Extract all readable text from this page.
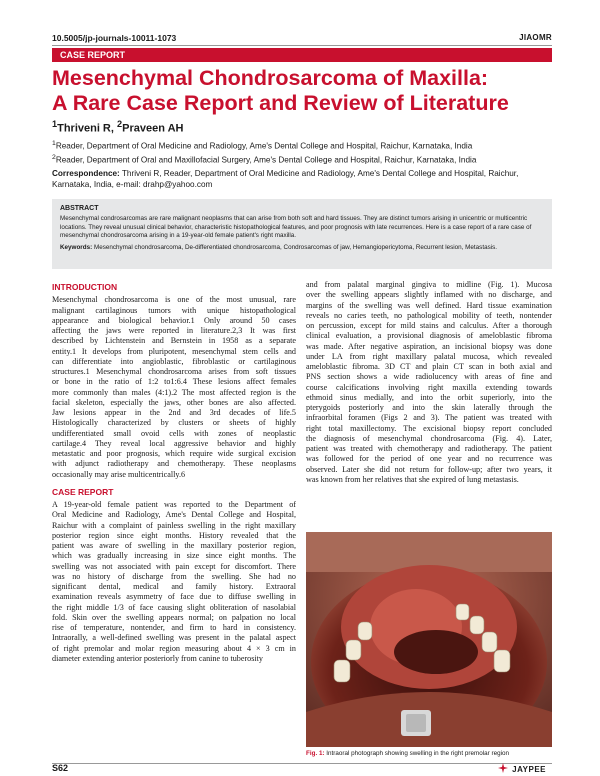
10.5005/jp-journals-10011-1073	JIAOMR
CASE REPORT
Mesenchymal Chondrosarcoma of Maxilla:
A Rare Case Report and Review of Literature
$^1$Thriveni R, $^2$Praveen AH
$^1$Reader, Department of Oral Medicine and Radiology, Ame's Dental College and Hospital, Raichur, Karnataka, India
$^2$Reader, Department of Oral and Maxillofacial Surgery, Ame's Dental College and Hospital, Raichur, Karnataka, India
Correspondence: Thriveni R, Reader, Department of Oral Medicine and Radiology, Ame's Dental College and Hospital, Raichur, Karnataka, India, e-mail: drahp@yahoo.com
ABSTRACT
Mesenchymal condrosarcomas are rare malignant neoplasms that can arise from both soft and hard tissues. They are distinct tumors arising in unicentric or multicentric locations. They reveal unusual clinical behavior, characteristic histopathological features, and poor prognosis with late recurrences. Here is a case report of a rare case of mesenchymal chondrosarcoma arising in a 19-year-old female patient's right maxilla.
Keywords: Mesenchymal chondrosarcoma, De-differentiated chondrosarcoma, Condrosarcomas of jaw, Hemangiopericytoma, Recurrent lesion, Metastasis.
INTRODUCTION
Mesenchymal chondrosarcoma is one of the most unusual, rare
malignant cartilaginous tumors with unique histopathological
appearance and biological behavior.1 Only around 50 cases
affecting the jaws were reported in literature.2,3 It was first
described by Lichtenstein and Bernstein in 1958 as a separate
entity.1 It develops from pluripotent, mesenchymal stem cells and
can differentiate into angioblastic, fibroblastic or cartilaginous
structures.1 Mesenchymal chondrosarcoma arises from soft tissues
or bone in the ratio of 1:2 to1:6.4 These lesions affect females
more commonly than males (4:1).2 The most affected region is the
facial skeleton, especially the jaws, other bones are also affected.
Jaw lesions appear in the 2nd and 3rd decades of life.5
Histologically characterized by clusters or sheets of highly
undifferentiated small ovoid cells with zones of neoplastic
cartilage.4 They reveal local aggressive behavior and highly
metastatic and poor prognosis, which require wide surgical excision
with adjunct radiotherapy and chemotherapy. These neoplasms
occasionally may arise multicentrically.6
CASE REPORT
A 19-year-old female patient was reported to the Department of
Oral Medicine and Radiology, Ame's Dental College and Hospital,
Raichur with a complaint of painless swelling in the right maxillary
posterior region since eight months. History revealed that the
patient was aware of swelling in the maxillary posterior region,
which was gradually increasing in size since eight months. The
swelling was not associated with pain except for discomfort. There
was no history of discharge from the swelling. She had no
significant dental, medical and family history. Extraoral
examination reveals asymmetry of face due to diffuse swelling in
the right middle 1/3 of face causing slight obliteration of nasolabial
fold. Skin over the swelling appears normal; on palpation no local
rise of temperature, nontender, and firm to hard in consistency.
Intraorally, a well-defined swelling was present in the palatal aspect
of right premolar and molar region measuring about 4 × 3 cm in
diameter extending anterior posteriorly from canine to tuberosity
and from palatal marginal gingiva to midline (Fig. 1). Mucosa
over the swelling appears slightly inflamed with no discharge, and
margins of the swelling was well defined. Hard tissue examination
reveals no caries teeth, no pathological mobility of teeth, nontender
on percussion, except for mild stains and calculus. After a thorough
clinical evaluation, a provisional diagnosis of ameloblastic fibroma
was made. After negative aspiration, an incisional biopsy was done
under LA from right maxillary palatal mucosa, which revealed
ameloblastic fibroma. 3D CT and plain CT scan in both axial and
PNS section shows a wide radiolucency with areas of fine and
course calcifications involving right maxilla extending towards
ethmoid sinus medially, and into the orbit superiorly, into the
pterygoids posteriorly and into the skin laterally through the
infraorbital foramen (Figs 2 and 3). The patient was treated with
right total maxillectomy. The excisional biopsy report concluded
the diagnosis of mesenchymal chondrosarcoma (Fig. 4). Later,
patient was treated with chemotherapy and radiotherapy. The patient
was followed for the period of one year and no recurrence was
observed. Later she did not return for follow-up; after two years, it
was known from her relatives that she expired of lung metastasis.
Fig. 1: Intraoral photograph showing swelling in the right premolar region
S62	JAYPEE
